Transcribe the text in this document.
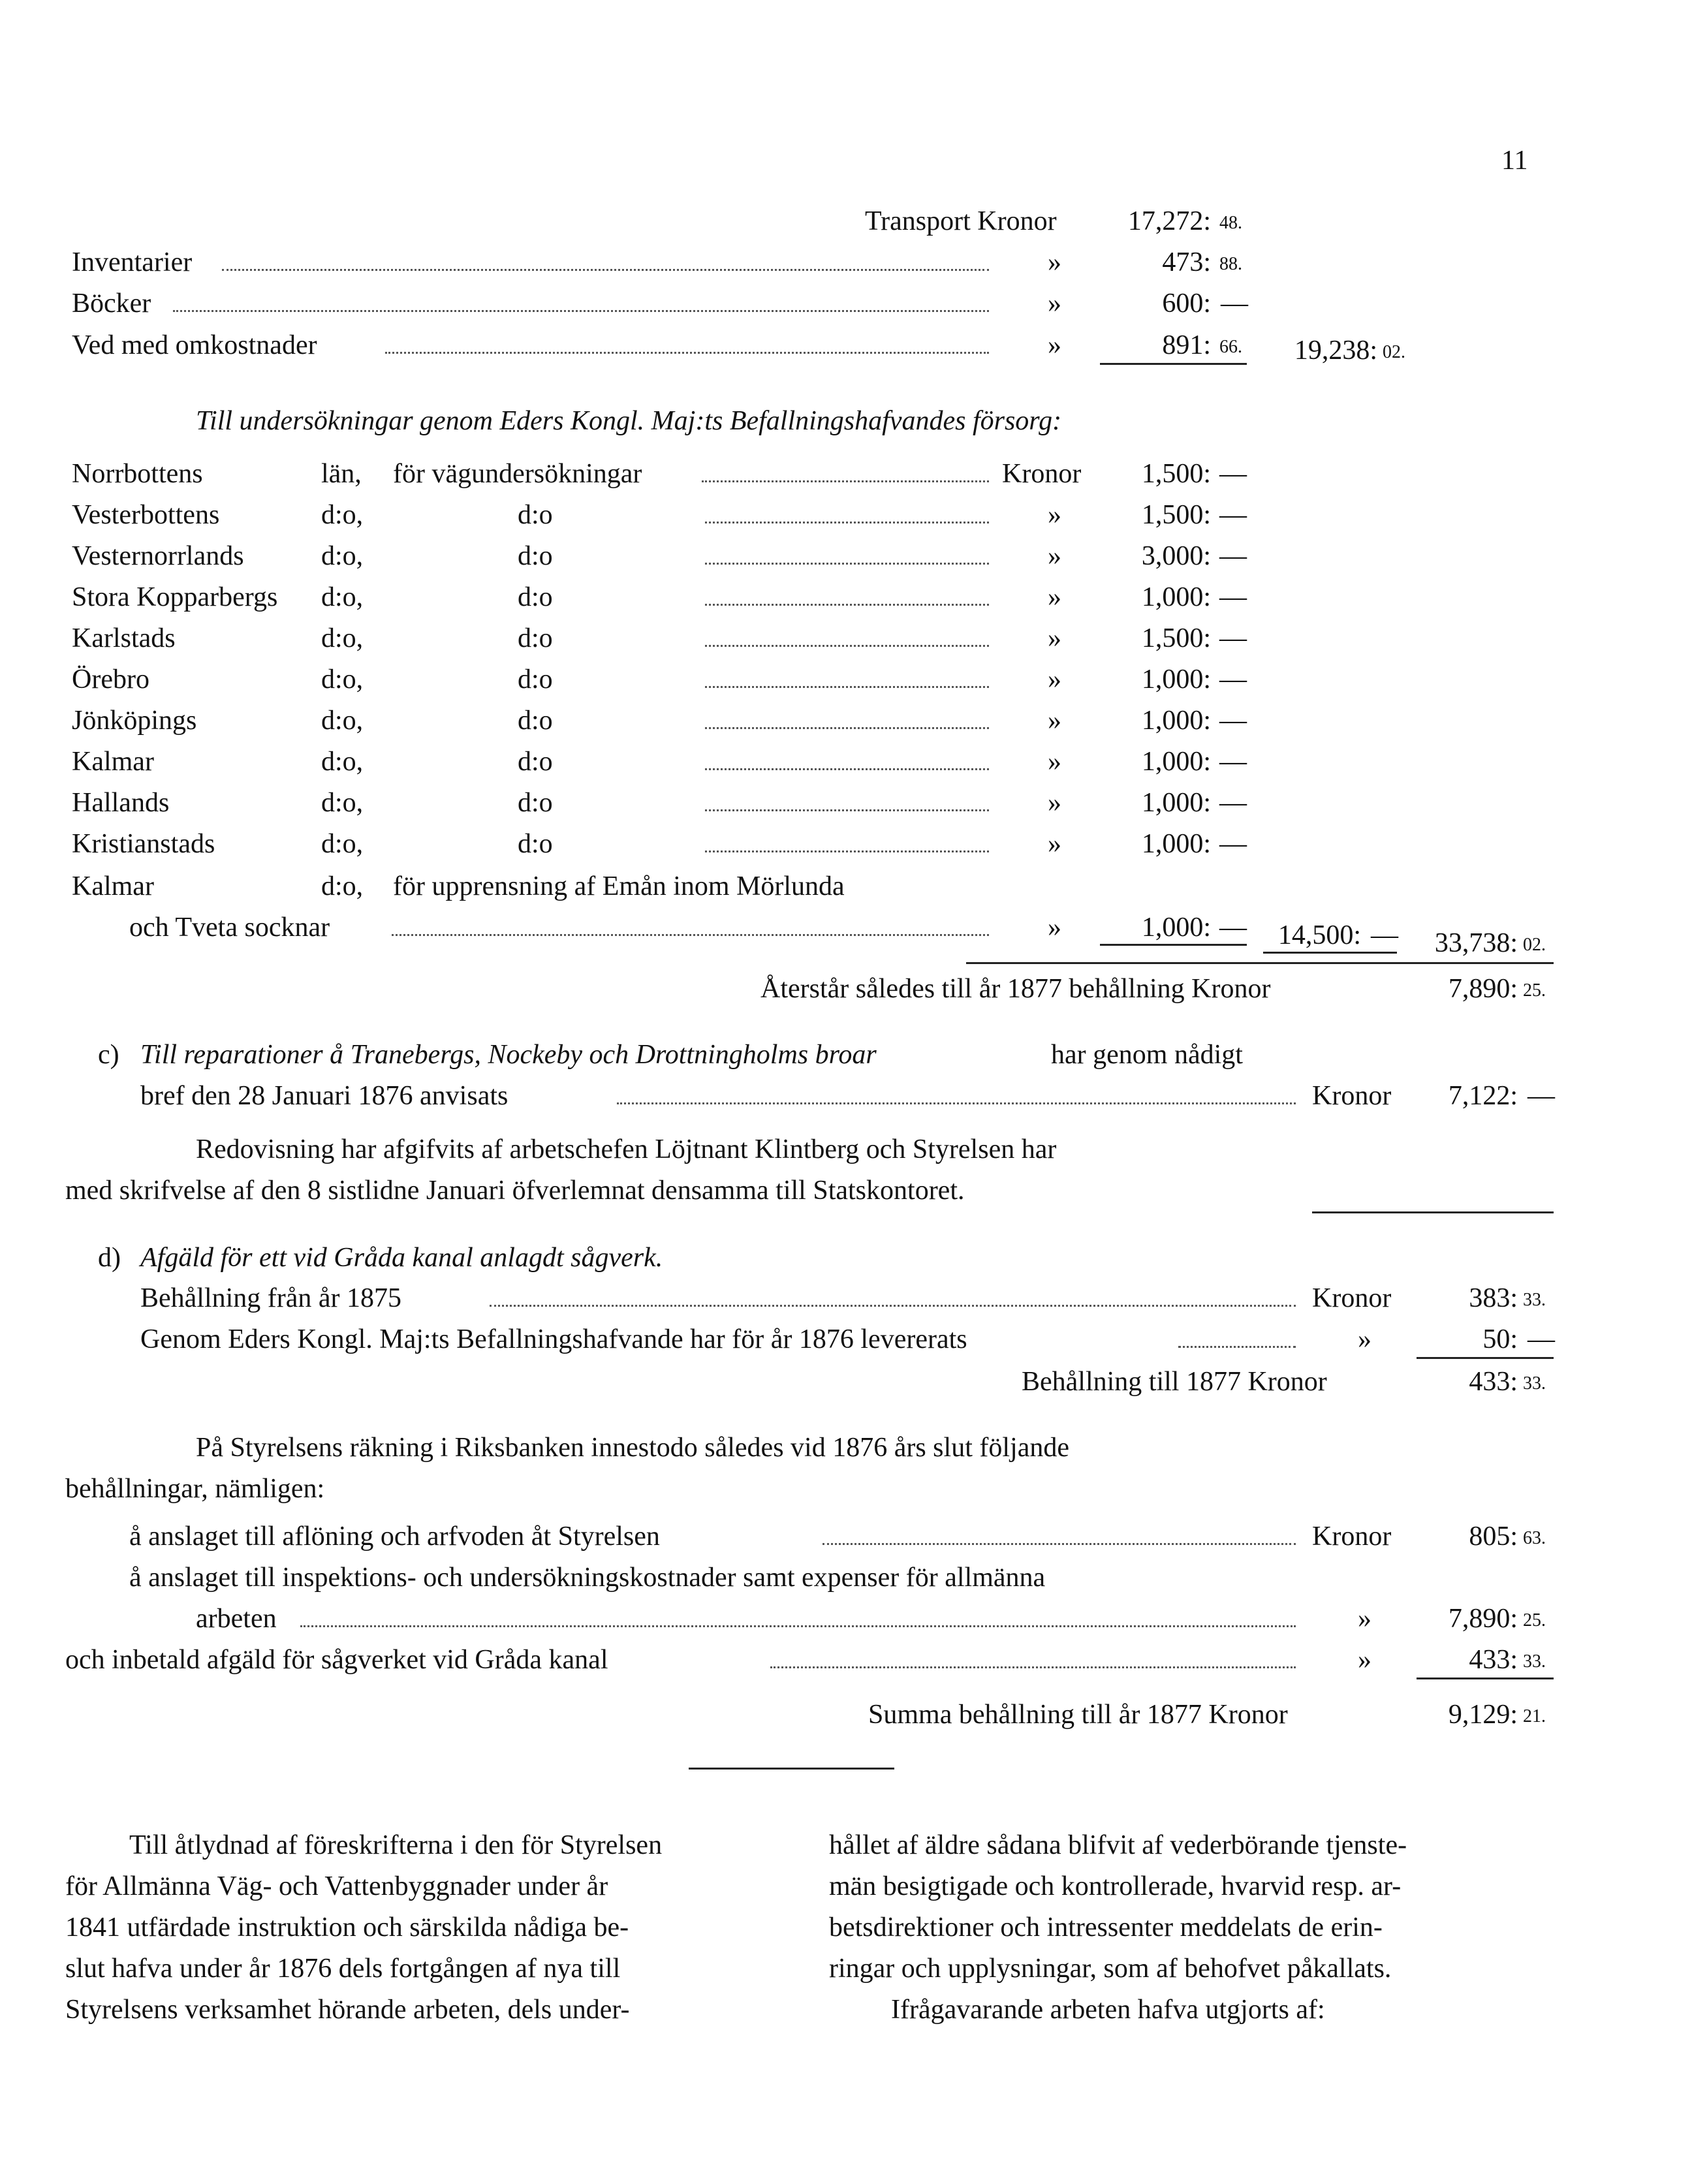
11
Transport Kronor	17,272: 48.
Inventarier	»	473: 88.
Böcker	»	600: —
Ved med omkostnader	»	891: 66.	19,238: 02.
Till undersökningar genom Eders Kongl. Maj:ts Befallningshafvandes försorg:
Norrbottens	län, för vägundersökningar	Kronor	1,500: —
Vesterbottens	d:o,	d:o	»	1,500: —
Vesternorrlands	d:o,	d:o	»	3,000: —
Stora Kopparbergs d:o,	d:o	»	1,000: —
Karlstads	d:o,	d:o	»	1,500: —
Örebro	d:o,	d:o	»	1,000: —
Jönköpings	d:o,	d:o	»	1,000: —
Kalmar	d:o,	d:o	»	1,000: —
Hallands	d:o,	d:o	»	1,000: —
Kristianstads	d:o,	d:o	»	1,000: —
Kalmar	d:o, för upprensning af Emån inom Mörlunda
och Tveta socknar	»	1,000: —	14,500: —	33,738: 02.
Återstår således till år 1877 behållning Kronor	7,890: 25.
c) Till reparationer å Tranebergs, Nockeby och Drottningholms broar	har genom nådigt
bref den 28 Januari 1876 anvisats	Kronor	7,122: —
Redovisning har afgifvits af arbetschefen Löjtnant Klintberg och Styrelsen har
med skrifvelse af den 8 sistlidne Januari öfverlemnat densamma till Statskontoret.
d) Afgäld för ett vid Gråda kanal anlagdt sågverk.
Behållning från år 1875	Kronor	383: 33.
Genom Eders Kongl. Maj:ts Befallningshafvande har för år 1876 levererats	»	50: —
Behållning till 1877 Kronor	433: 33.
På Styrelsens räkning i Riksbanken innestodo således vid 1876 års slut följande
behållningar, nämligen:
å anslaget till aflöning och arfvoden åt Styrelsen	Kronor	805: 63.
å anslaget till inspektions- och undersökningskostnader samt expenser för allmänna
arbeten	»	7,890: 25.
och inbetald afgäld för sågverket vid Gråda kanal	»	433: 33.
Summa behållning till år 1877 Kronor	9,129: 21.
Till åtlydnad af föreskrifterna i den för Styrelsen
för Allmänna Väg- och Vattenbyggnader under år
1841 utfärdade instruktion och särskilda nådiga be-
slut hafva under år 1876 dels fortgången af nya till
Styrelsens verksamhet hörande arbeten, dels under-
hållet af äldre sådana blifvit af vederbörande tjenste-
män besigtigade och kontrollerade, hvarvid resp. ar-
betsdirektioner och intressenter meddelats de erin-
ringar och upplysningar, som af behofvet påkallats.
Ifrågavarande arbeten hafva utgjorts af:
